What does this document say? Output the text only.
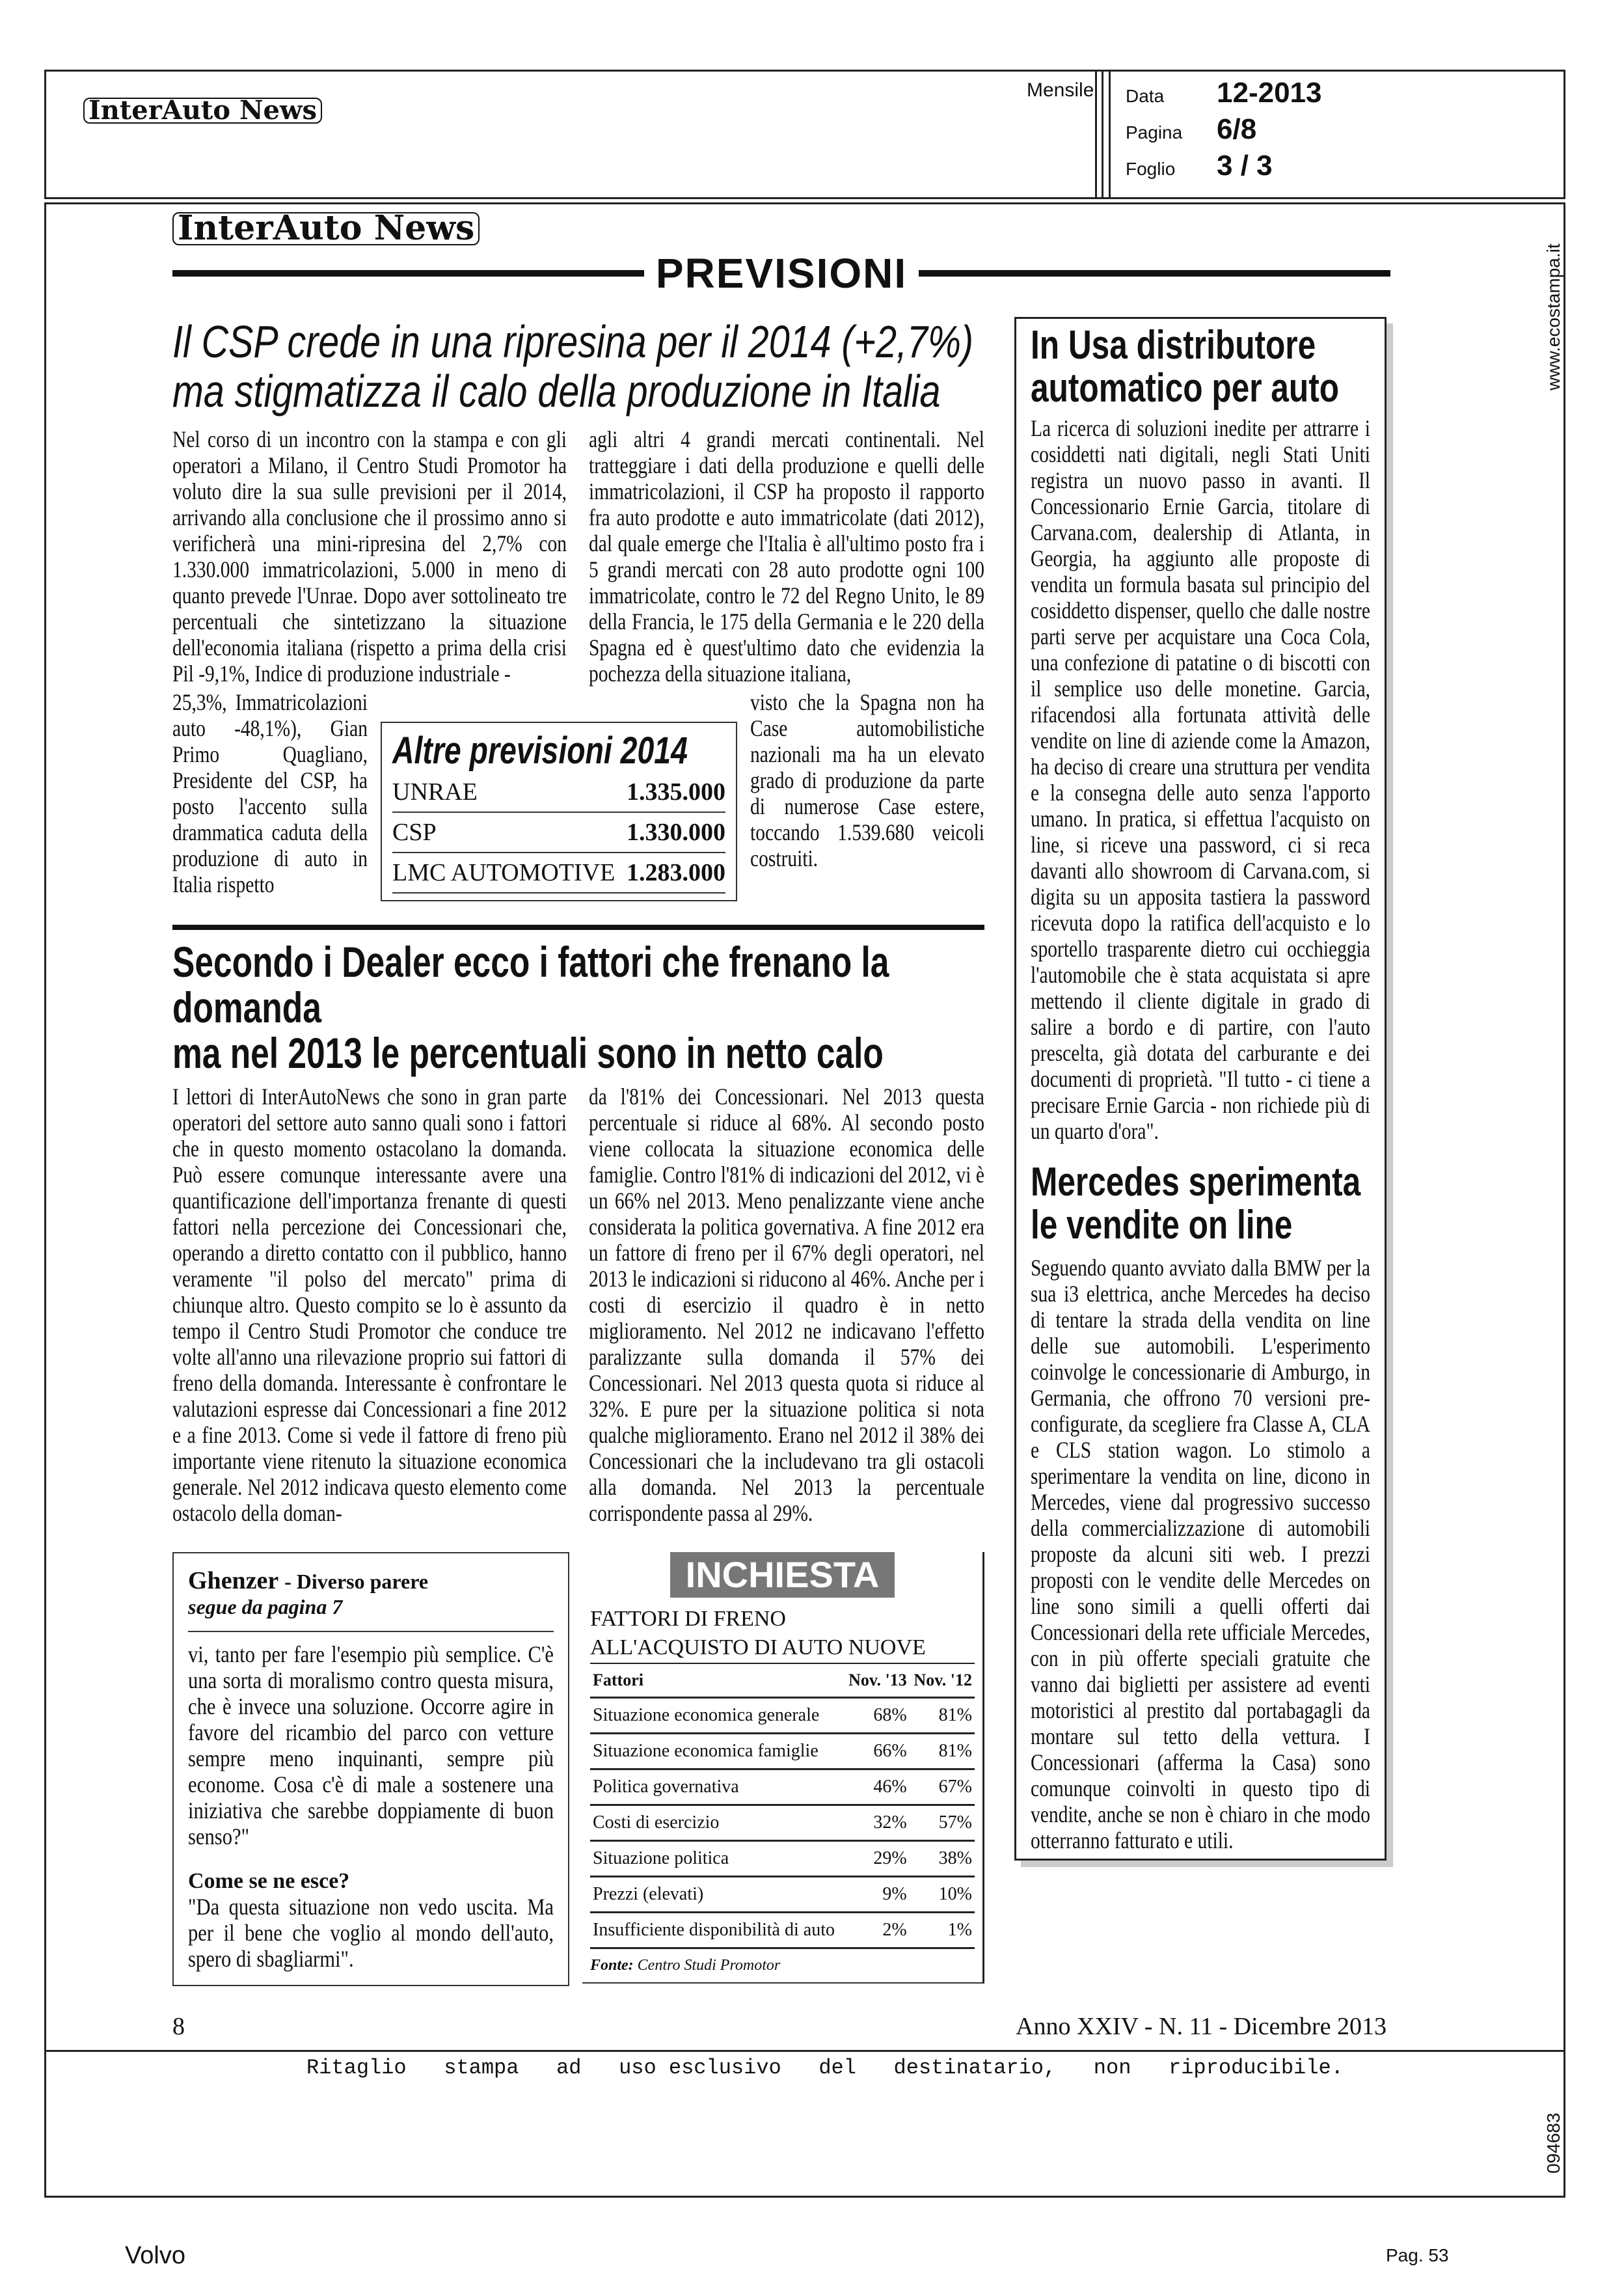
InterAuto News
Mensile Data	12-2013
Pagina	6/8
Foglio	3 / 3
www.ecostampa.it
094683
InterAuto News
PREVISIONI
Il CSP crede in una ripresina per il 2014 (+2,7%)
ma stigmatizza il calo della produzione in Italia
Nel corso di un incontro con la stampa e con gli operatori a Milano, il Centro Studi Promotor ha voluto dire la sua sulle previsioni per il 2014, arrivando alla conclusione che il prossimo anno si verificherà una mini-ripresina del 2,7% con 1.330.000 immatricolazioni, 5.000 in meno di quanto prevede l'Unrae. Dopo aver sottolineato tre percentuali che sintetizzano la situazione dell'economia italiana (rispetto a prima della crisi Pil -9,1%, Indice di produzione industriale -
agli altri 4 grandi mercati continentali. Nel tratteggiare i dati della produzione e quelli delle immatricolazioni, il CSP ha proposto il rapporto fra auto prodotte e auto immatricolate (dati 2012), dal quale emerge che l'Italia è all'ultimo posto fra i 5 grandi mercati con 28 auto prodotte ogni 100 immatricolate, contro le 72 del Regno Unito, le 89 della Francia, le 175 della Germania e le 220 della Spagna ed è quest'ultimo dato che evidenzia la pochezza della situazione italiana,
25,3%, Immatricolazioni auto -48,1%), Gian Primo Quagliano, Presidente del CSP, ha posto l'accento sulla drammatica caduta della produzione di auto in Italia rispetto
Altre previsioni 2014
UNRAE	1.335.000
CSP	1.330.000
LMC AUTOMOTIVE 1.283.000
visto che la Spagna non ha Case automobilistiche nazionali ma ha un elevato grado di produzione da parte di numerose Case estere, toccando 1.539.680 veicoli costruiti.
Secondo i Dealer ecco i fattori che frenano la domanda
ma nel 2013 le percentuali sono in netto calo
I lettori di InterAutoNews che sono in gran parte operatori del settore auto sanno quali sono i fattori che in questo momento ostacolano la domanda. Può essere comunque interessante avere una quantificazione dell'importanza frenante di questi fattori nella percezione dei Concessionari che, operando a diretto contatto con il pubblico, hanno veramente "il polso del mercato" prima di chiunque altro. Questo compito se lo è assunto da tempo il Centro Studi Promotor che conduce tre volte all'anno una rilevazione proprio sui fattori di freno della domanda. Interessante è confrontare le valutazioni espresse dai Concessionari a fine 2012 e a fine 2013. Come si vede il fattore di freno più importante viene ritenuto la situazione economica generale. Nel 2012 indicava questo elemento come ostacolo della doman-
da l'81% dei Concessionari. Nel 2013 questa percentuale si riduce al 68%. Al secondo posto viene collocata la situazione economica delle famiglie. Contro l'81% di indicazioni del 2012, vi è un 66% nel 2013. Meno penalizzante viene anche considerata la politica governativa. A fine 2012 era un fattore di freno per il 67% degli operatori, nel 2013 le indicazioni si riducono al 46%. Anche per i costi di esercizio il quadro è in netto miglioramento. Nel 2012 ne indicavano l'effetto paralizzante sulla domanda il 57% dei Concessionari. Nel 2013 questa quota si riduce al 32%. E pure per la situazione politica si nota qualche miglioramento. Erano nel 2012 il 38% dei Concessionari che la includevano tra gli ostacoli alla domanda. Nel 2013 la percentuale corrispondente passa al 29%.
Ghenzer - Diverso parere
segue da pagina 7
vi, tanto per fare l'esempio più semplice. C'è una sorta di moralismo contro questa misura, che è invece una soluzione. Occorre agire in favore del ricambio del parco con vetture sempre meno inquinanti, sempre più econome. Cosa c'è di male a sostenere una iniziativa che sarebbe doppiamente di buon senso?"
Come se ne esce?
"Da questa situazione non vedo uscita. Ma per il bene che voglio al mondo dell'auto, spero di sbagliarmi".
INCHIESTA
FATTORI DI FRENO
ALL'ACQUISTO DI AUTO NUOVE
Fattori	Nov. '13	Nov. '12
Situazione economica generale	68%	81%
Situazione economica famiglie	66%	81%
Politica governativa	46%	67%
Costi di esercizio	32%	57%
Situazione politica	29%	38%
Prezzi (elevati)	9%	10%
Insufficiente disponibilità di auto	2%	1%
Fonte: Centro Studi Promotor
In Usa distributore
automatico per auto
La ricerca di soluzioni inedite per attrarre i cosiddetti nati digitali, negli Stati Uniti registra un nuovo passo in avanti. Il Concessionario Ernie Garcia, titolare di Carvana.com, dealership di Atlanta, in Georgia, ha aggiunto alle proposte di vendita un formula basata sul principio del cosiddetto dispenser, quello che dalle nostre parti serve per acquistare una Coca Cola, una confezione di patatine o di biscotti con il semplice uso delle monetine. Garcia, rifacendosi alla fortunata attività delle vendite on line di aziende come la Amazon, ha deciso di creare una struttura per vendita e la consegna delle auto senza l'apporto umano. In pratica, si effettua l'acquisto on line, si riceve una password, ci si reca davanti allo showroom di Carvana.com, si digita su un apposita tastiera la password ricevuta dopo la ratifica dell'acquisto e lo sportello trasparente dietro cui occhieggia l'automobile che è stata acquistata si apre mettendo il cliente digitale in grado di salire a bordo e di partire, con l'auto prescelta, già dotata del carburante e dei documenti di proprietà. "Il tutto - ci tiene a precisare Ernie Garcia - non richiede più di un quarto d'ora".
Mercedes sperimenta
le vendite on line
Seguendo quanto avviato dalla BMW per la sua i3 elettrica, anche Mercedes ha deciso di tentare la strada della vendita on line delle sue automobili. L'esperimento coinvolge le concessionarie di Amburgo, in Germania, che offrono 70 versioni pre-configurate, da scegliere fra Classe A, CLA e CLS station wagon. Lo stimolo a sperimentare la vendita on line, dicono in Mercedes, viene dal progressivo successo della commercializzazione di automobili proposte da alcuni siti web. I prezzi proposti con le vendite delle Mercedes on line sono simili a quelli offerti dai Concessionari della rete ufficiale Mercedes, con in più offerte speciali gratuite che vanno dai biglietti per assistere ad eventi motoristici al prestito dal portabagagli da montare sul tetto della vettura. I Concessionari (afferma la Casa) sono comunque coinvolti in questo tipo di vendite, anche se non è chiaro in che modo otterranno fatturato e utili.
8	Anno XXIV - N. 11 - Dicembre 2013
Ritaglio   stampa   ad   uso esclusivo   del   destinatario,   non   riproducibile.
Volvo	Pag. 53
